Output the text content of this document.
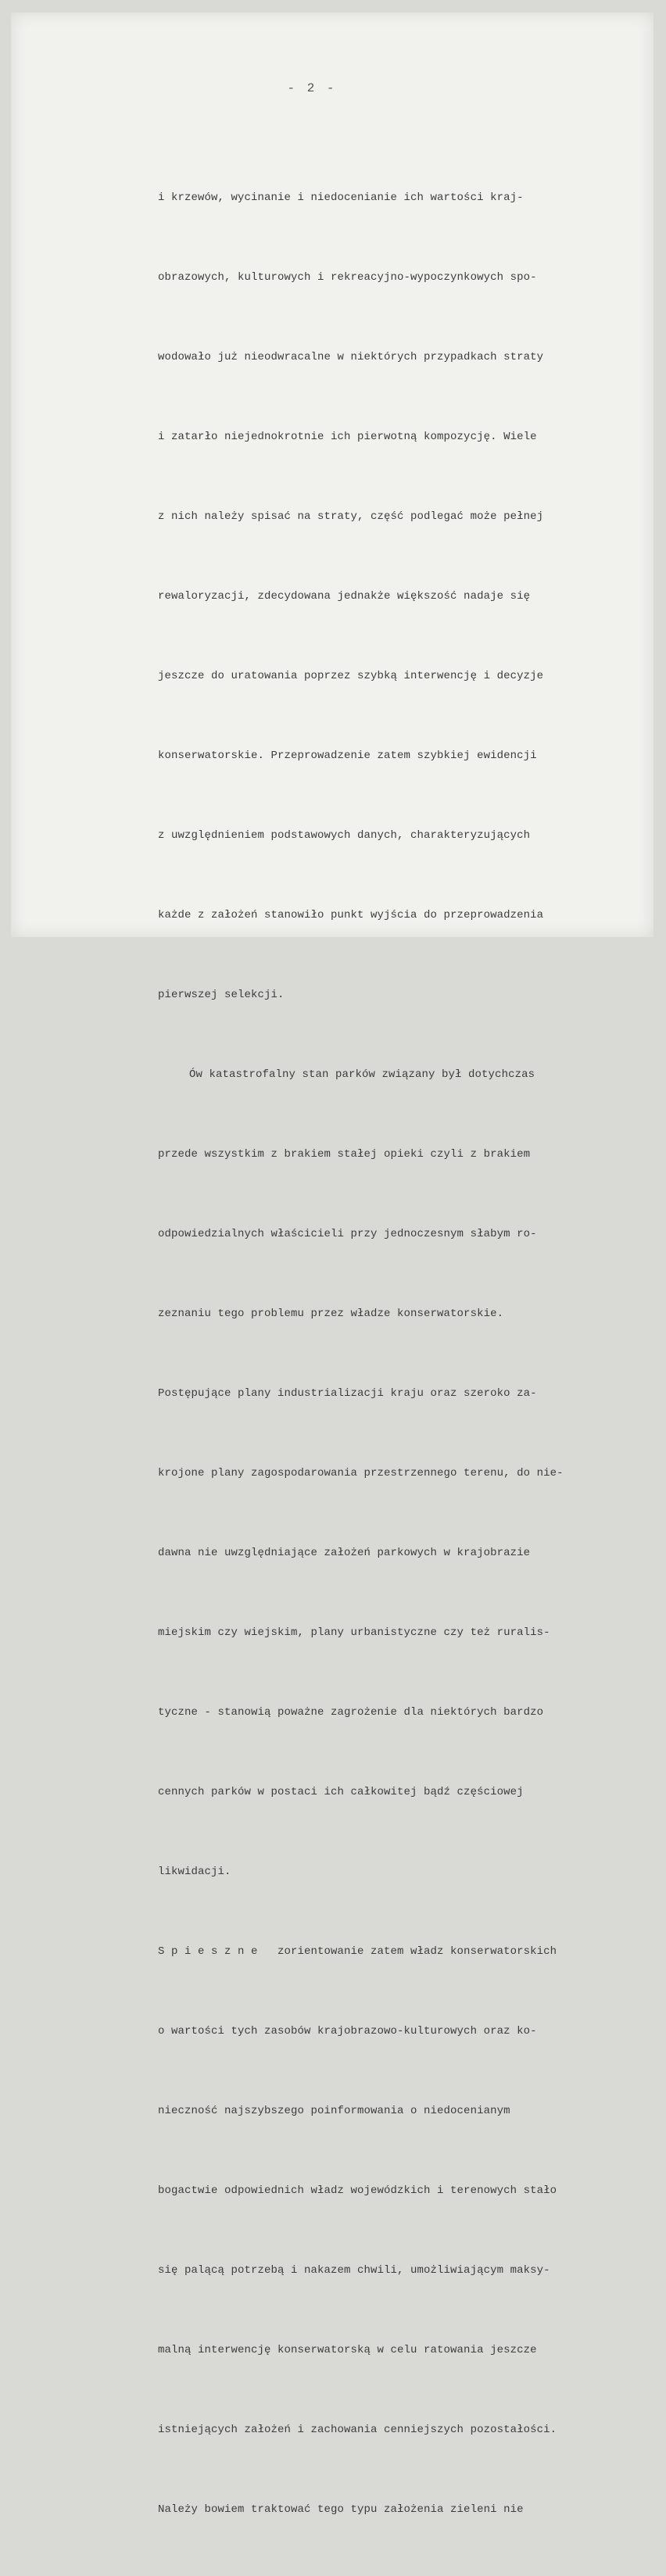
- 2 -

i krzewów, wycinanie i niedocenianie ich wartości kraj-

obrazowych, kulturowych i rekreacyjno-wypoczynkowych spo-

wodowało już nieodwracalne w niektórych przypadkach straty

i zatarło niejednokrotnie ich pierwotną kompozycję. Wiele

z nich należy spisać na straty, część podlegać może pełnej

rewaloryzacji, zdecydowana jednakże większość nadaje się

jeszcze do uratowania poprzez szybką interwencję i decyzje

konserwatorskie. Przeprowadzenie zatem szybkiej ewidencji

z uwzględnieniem podstawowych danych, charakteryzujących

każde z założeń stanowiło punkt wyjścia do przeprowadzenia

pierwszej selekcji.

Ów katastrofalny stan parków związany był dotychczas

przede wszystkim z brakiem stałej opieki czyli z brakiem

odpowiedzialnych właścicieli przy jednoczesnym słabym ro-

zeznaniu tego problemu przez władze konserwatorskie.

Postępujące plany industrializacji kraju oraz szeroko za-

krojone plany zagospodarowania przestrzennego terenu, do nie-

dawna nie uwzględniające założeń parkowych w krajobrazie

miejskim czy wiejskim, plany urbanistyczne czy też ruralis-

tyczne - stanowią poważne zagrożenie dla niektórych bardzo

cennych parków w postaci ich całkowitej bądź częściowej

likwidacji.

S p i e s z n e   zorientowanie zatem władz konserwatorskich

o wartości tych zasobów krajobrazowo-kulturowych oraz ko-

nieczność najszybszego poinformowania o niedocenianym

bogactwie odpowiednich władz wojewódzkich i terenowych stało

się palącą potrzebą i nakazem chwili, umożliwiającym maksy-

malną interwencję konserwatorską w celu ratowania jeszcze

istniejących założeń i zachowania cenniejszych pozostałości.

Należy bowiem traktować tego typu założenia zieleni nie
